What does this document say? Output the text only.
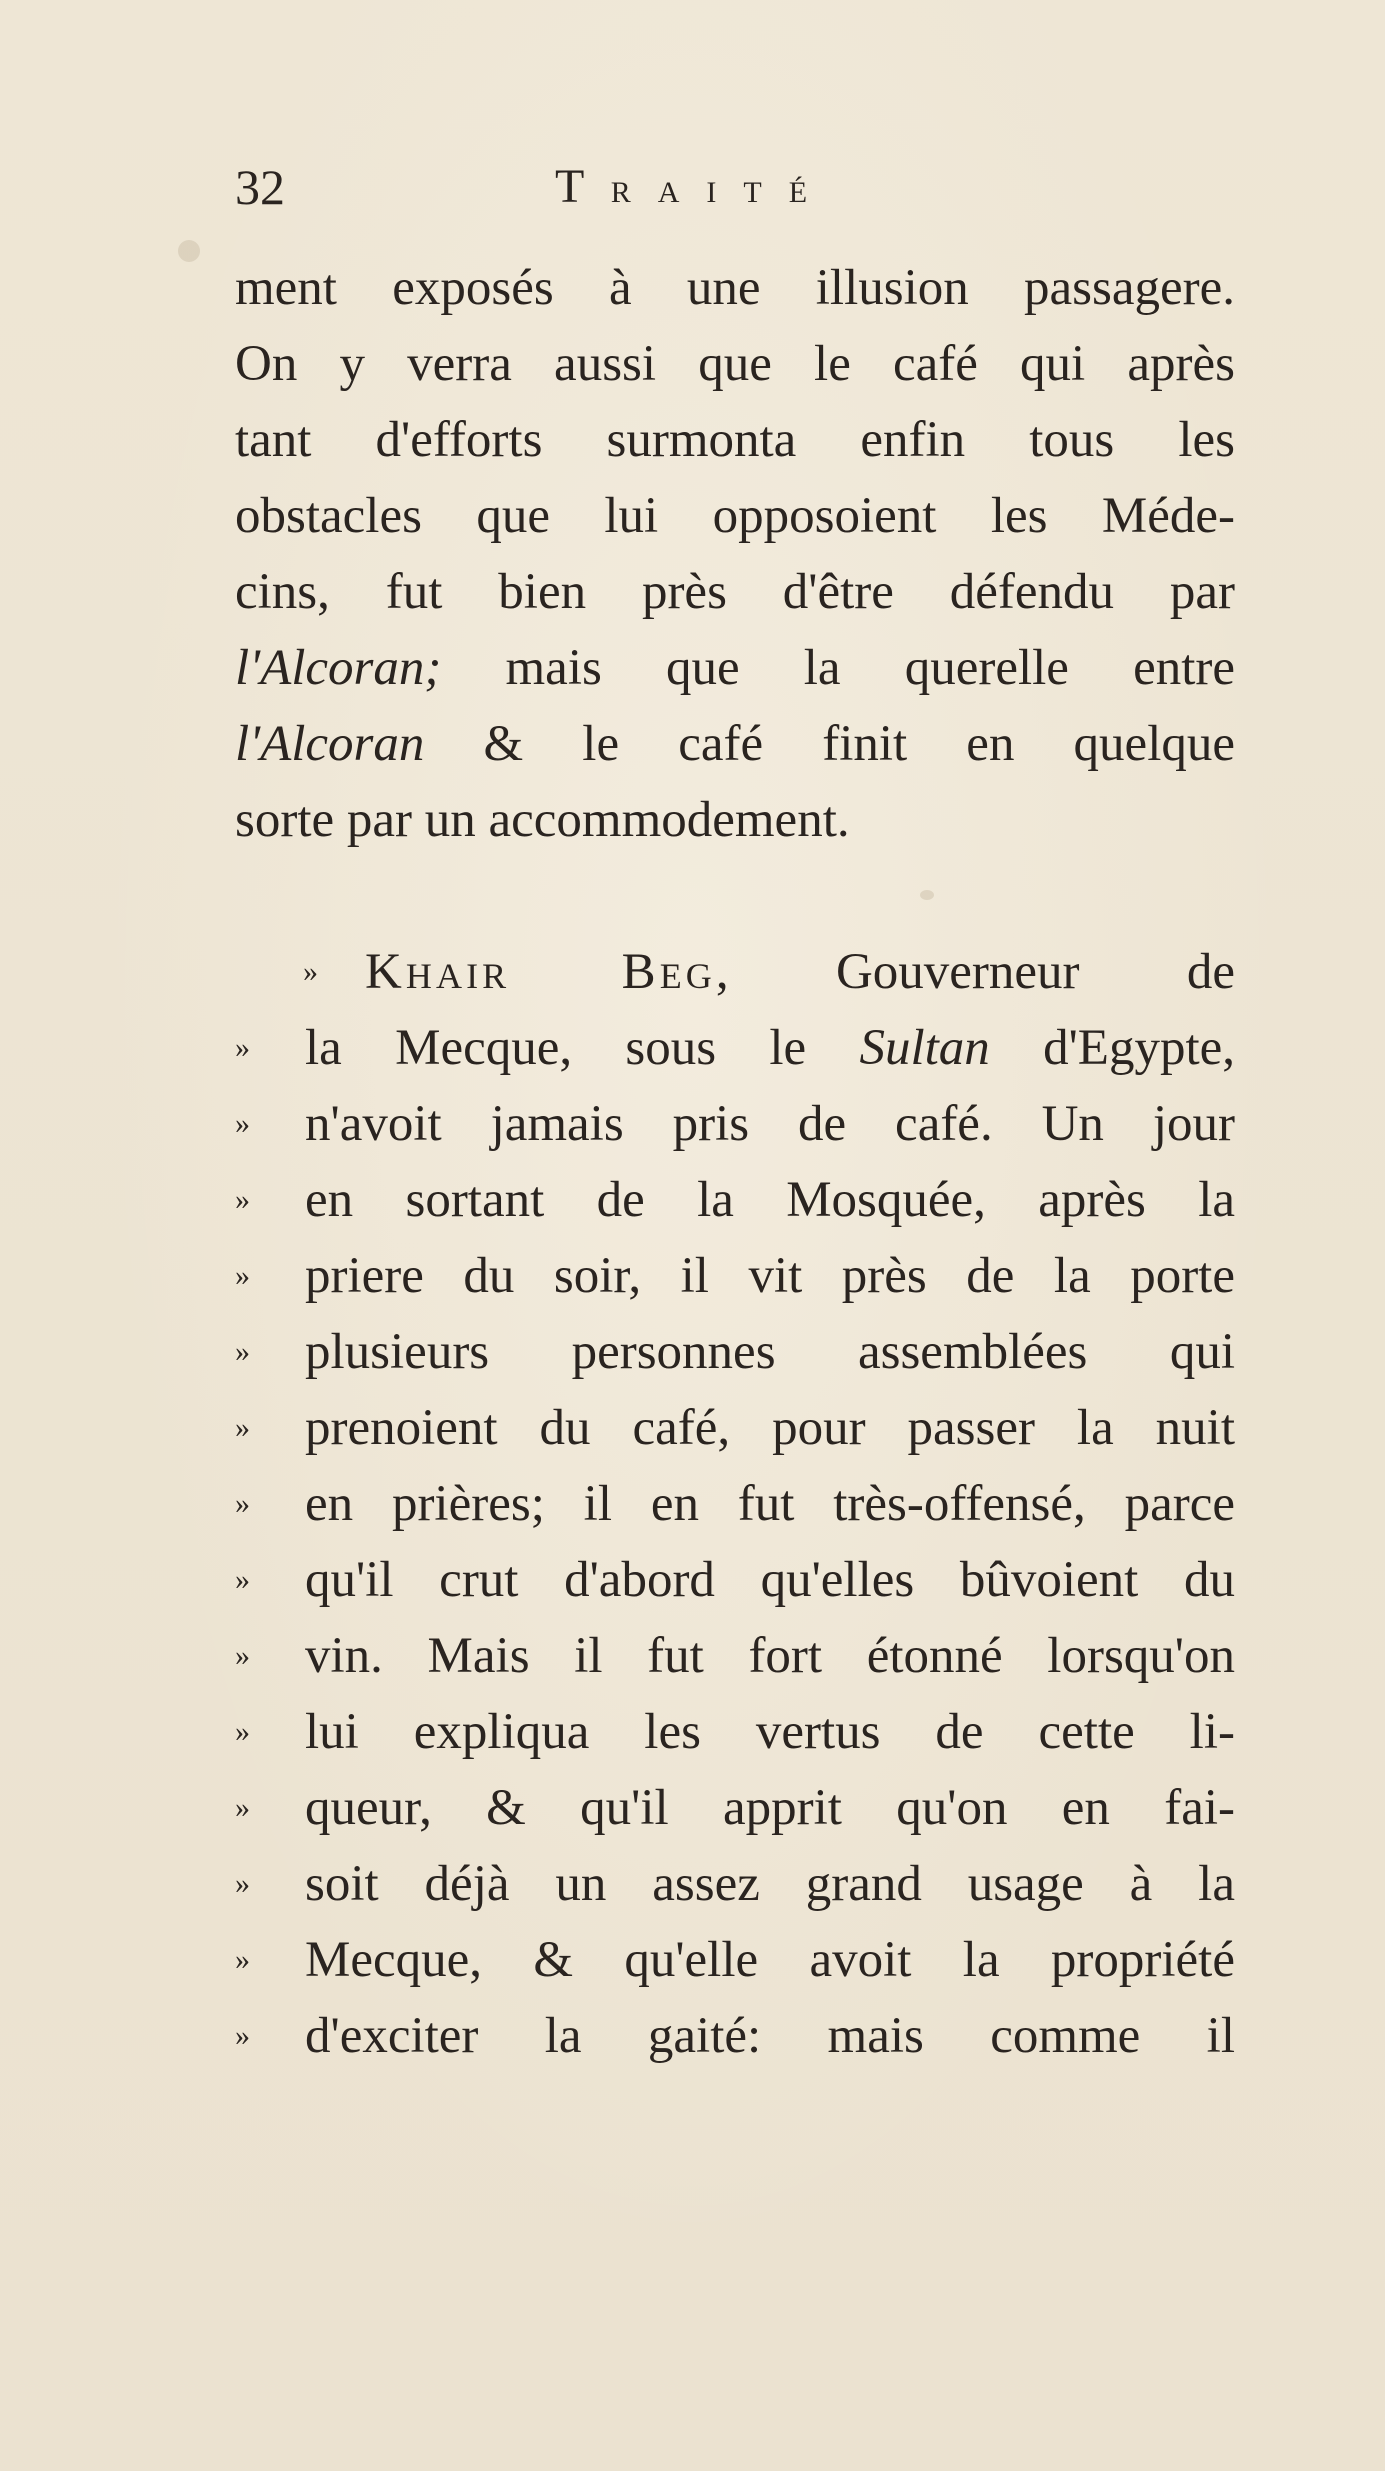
32	TRAITÉ
ment exposés à une illusion passagere.
On y verra aussi que le café qui après
tant d'efforts surmonta enfin tous les
obstacles que lui opposoient les Méde-
cins, fut bien près d'être défendu par
l'Alcoran; mais que la querelle entre
l'Alcoran & le café finit en quelque
sorte par un accommodement.
» Khair Beg, Gouverneur de
»	la Mecque, sous le Sultan d'Egypte,
»	n'avoit jamais pris de café. Un jour
»	en sortant de la Mosquée, après la
»	priere du soir, il vit près de la porte
»	plusieurs personnes assemblées qui
»	prenoient du café, pour passer la nuit
»	en prières; il en fut très-offensé, parce
»	qu'il crut d'abord qu'elles bûvoient du
»	vin. Mais il fut fort étonné lorsqu'on
»	lui expliqua les vertus de cette li-
»	queur, & qu'il apprit qu'on en fai-
»	soit déjà un assez grand usage à la
»	Mecque, & qu'elle avoit la propriété
»	d'exciter la gaité: mais comme il
